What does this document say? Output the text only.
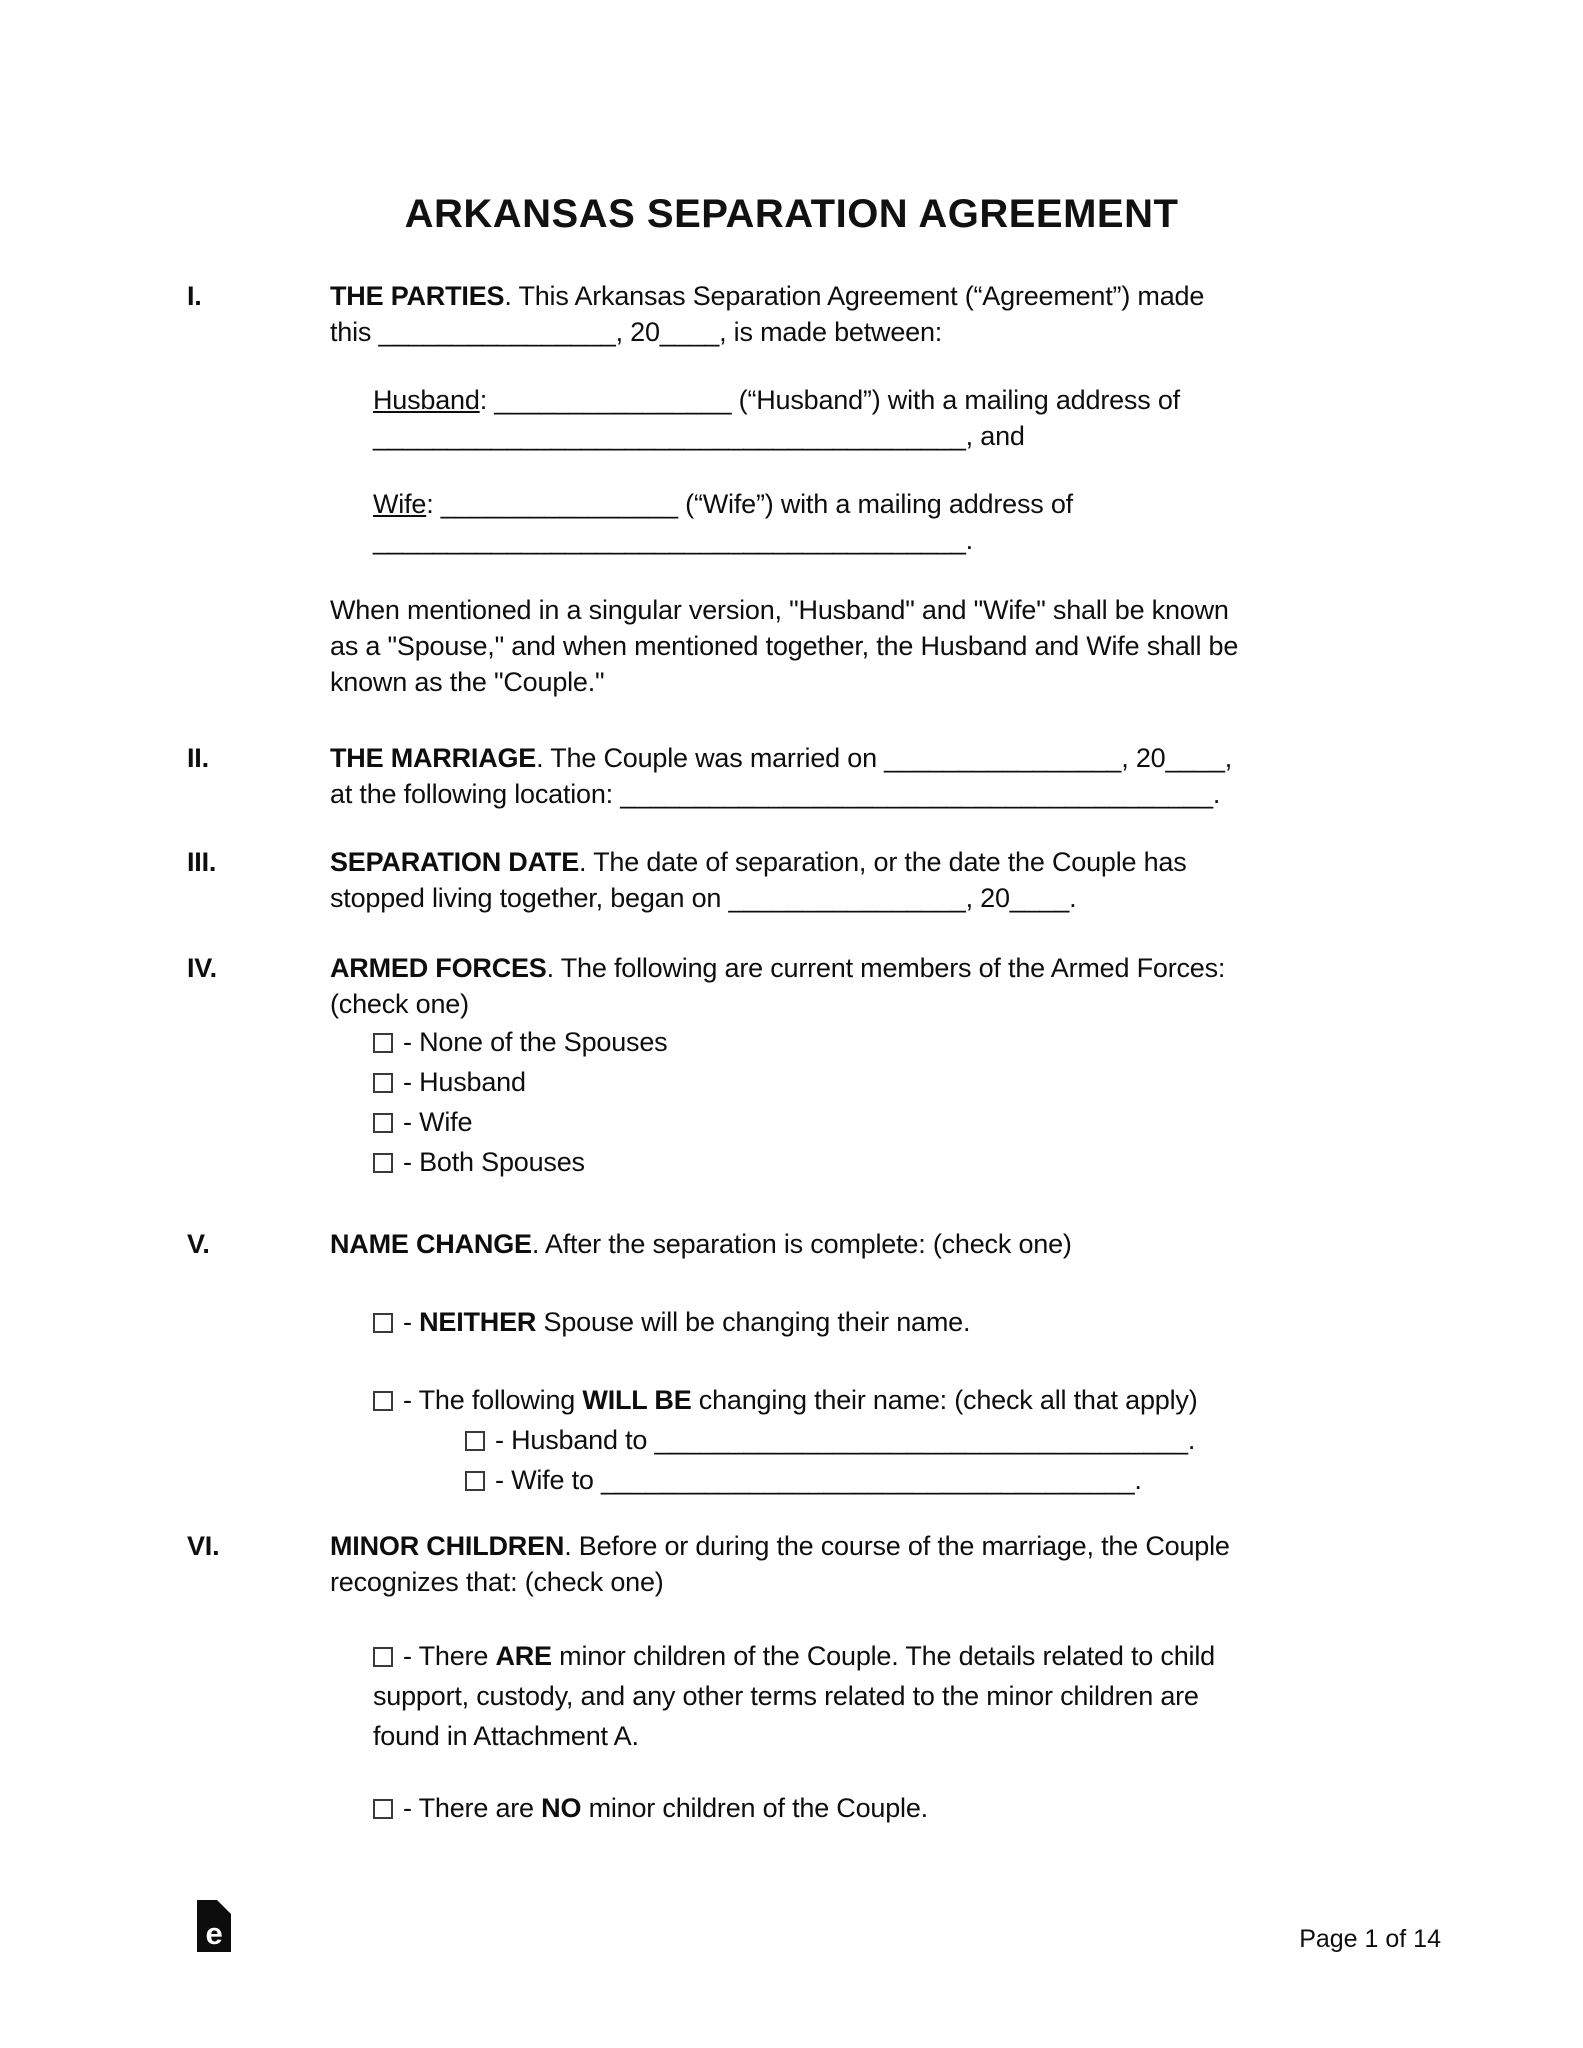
ARKANSAS SEPARATION AGREEMENT
I.	THE PARTIES. This Arkansas Separation Agreement (“Agreement”) made
this ________________, 20____, is made between:
Husband: ________________ (“Husband”) with a mailing address of
________________________________________, and
Wife: ________________ (“Wife”) with a mailing address of
________________________________________.
When mentioned in a singular version, "Husband" and "Wife" shall be known
as a "Spouse," and when mentioned together, the Husband and Wife shall be
known as the "Couple."
II.	THE MARRIAGE. The Couple was married on ________________, 20____,
at the following location: ________________________________________.
III.	SEPARATION DATE. The date of separation, or the date the Couple has
stopped living together, began on ________________, 20____.
IV.	ARMED FORCES. The following are current members of the Armed Forces:
(check one)
- None of the Spouses
- Husband
- Wife
- Both Spouses
V.	NAME CHANGE. After the separation is complete: (check one)
- NEITHER Spouse will be changing their name.
- The following WILL BE changing their name: (check all that apply)
- Husband to ____________________________________.
- Wife to ____________________________________.
VI.	MINOR CHILDREN. Before or during the course of the marriage, the Couple
recognizes that: (check one)
- There ARE minor children of the Couple. The details related to child
support, custody, and any other terms related to the minor children are
found in Attachment A.
- There are NO minor children of the Couple.
e	Page 1 of 14
